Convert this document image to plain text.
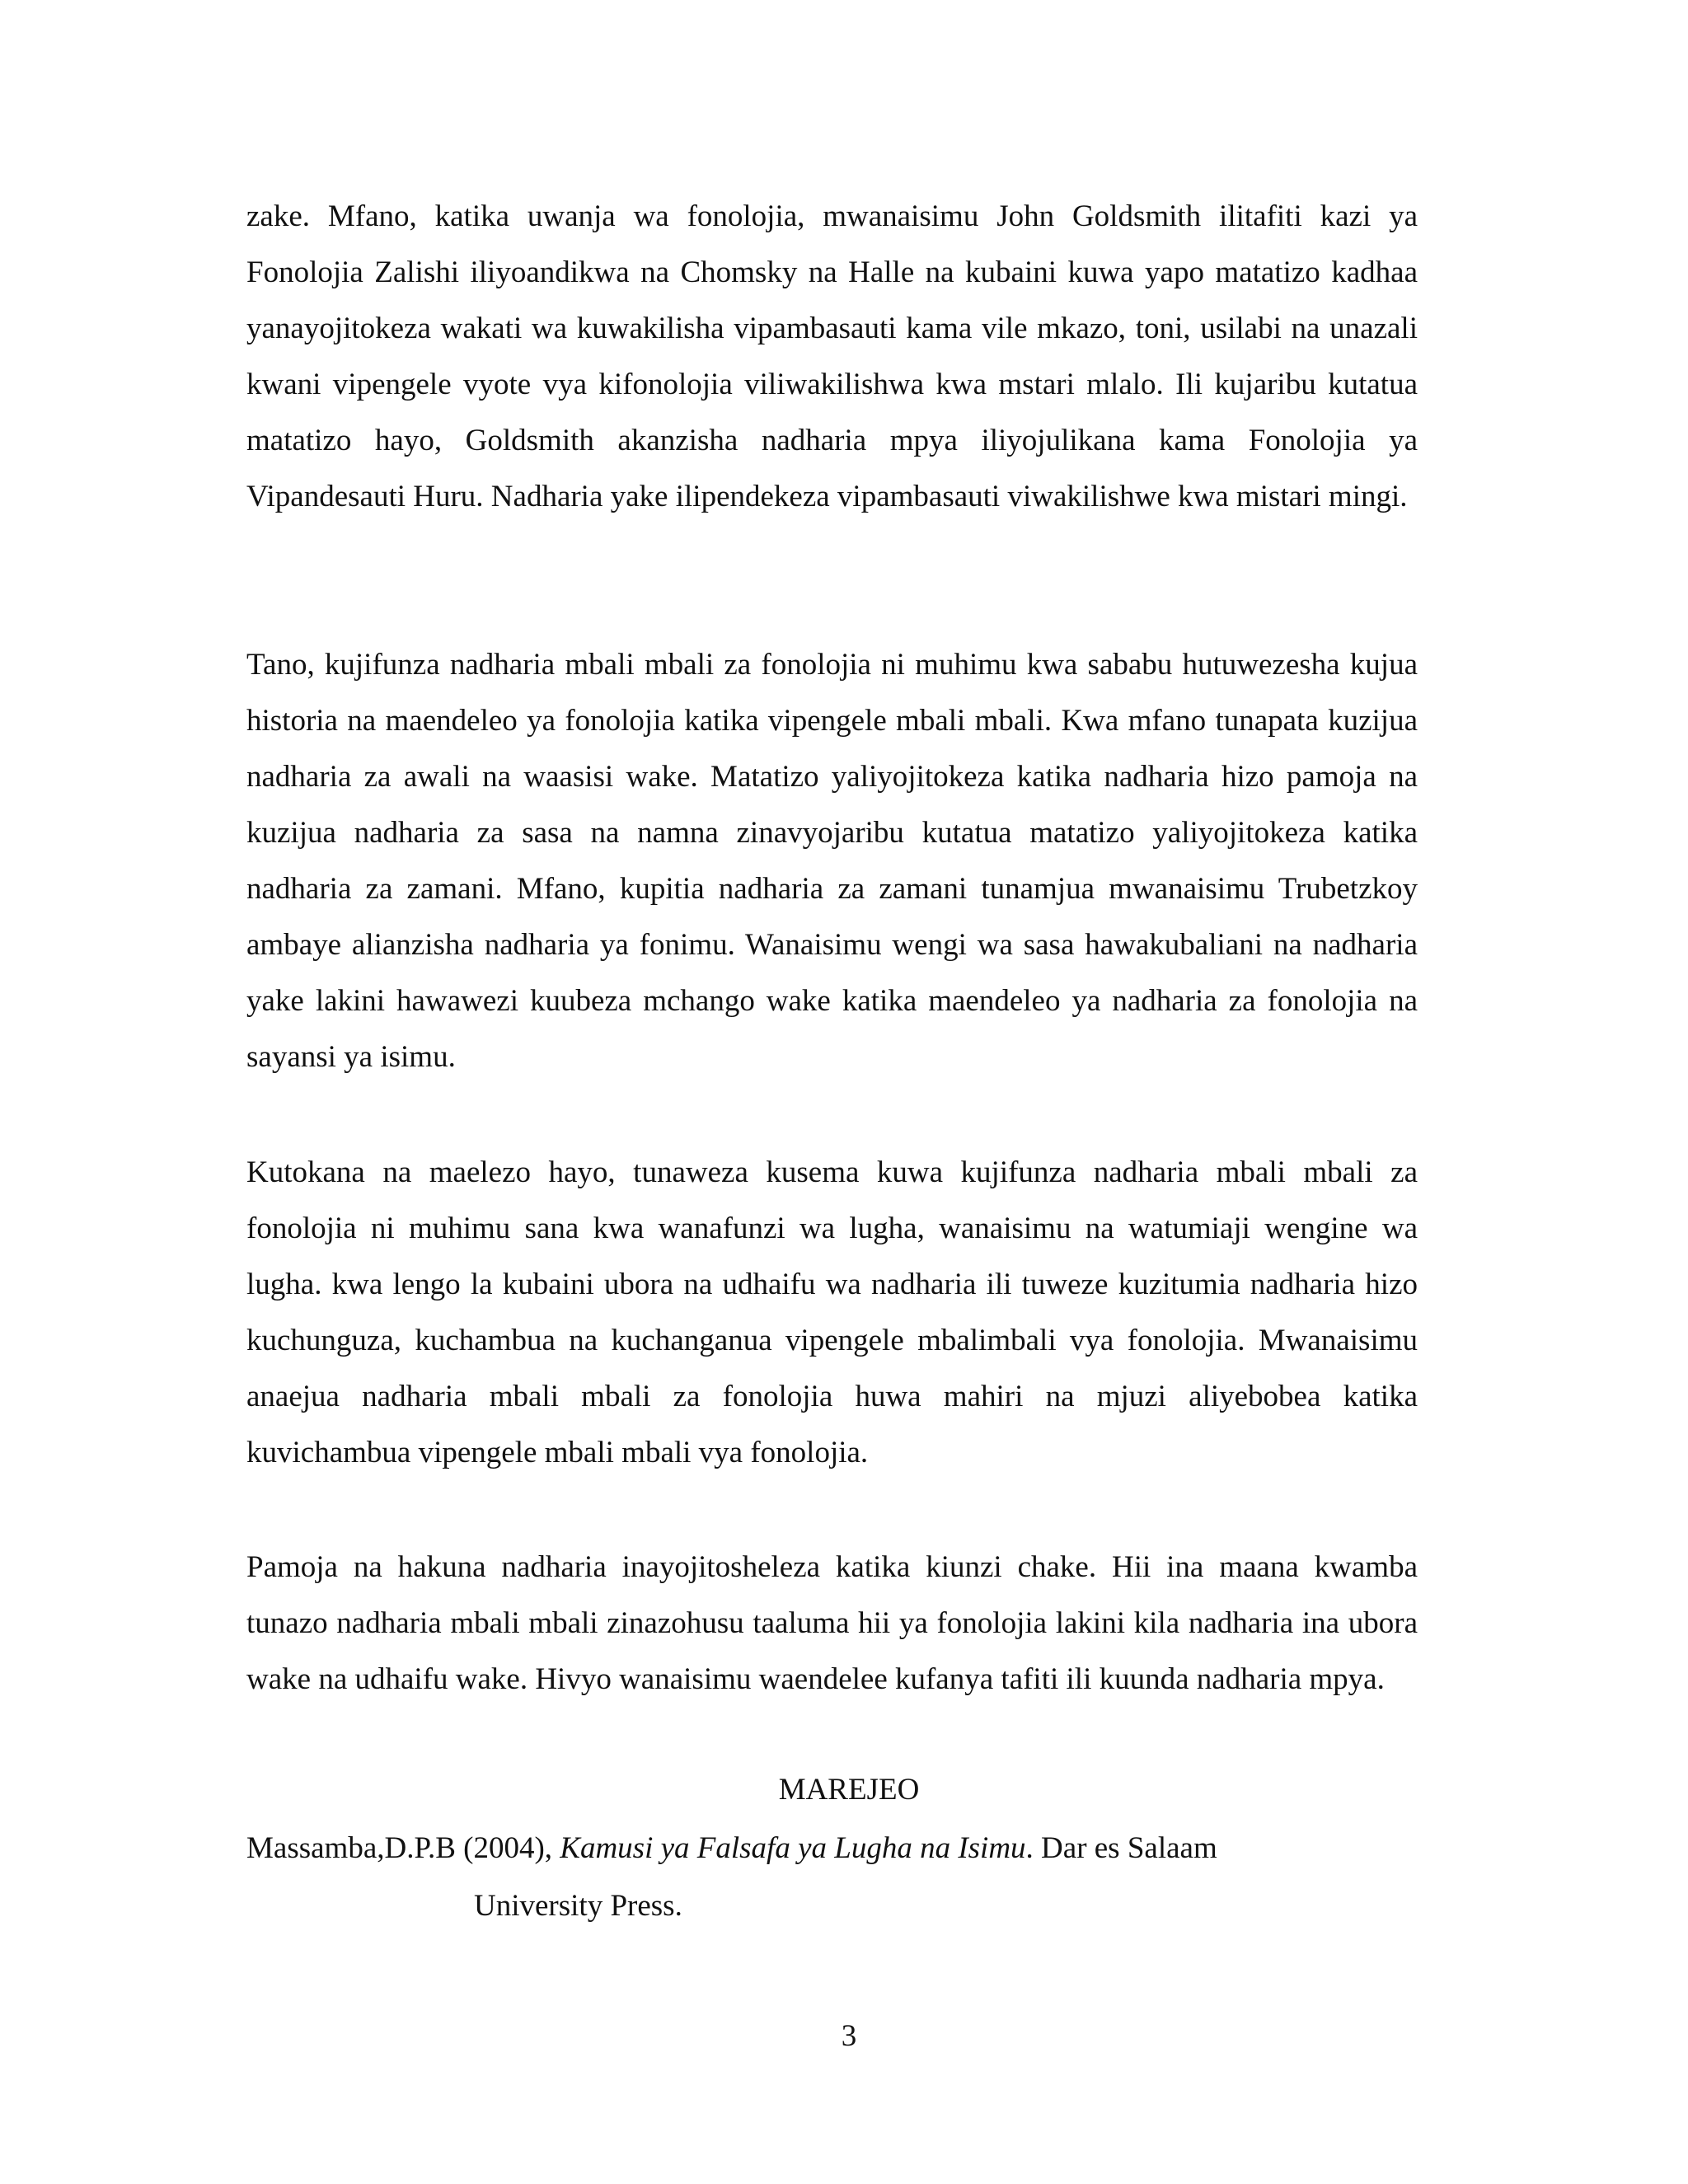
zake. Mfano, katika uwanja wa fonolojia, mwanaisimu John Goldsmith ilitafiti kazi ya Fonolojia Zalishi iliyoandikwa na Chomsky na Halle na kubaini kuwa yapo matatizo kadhaa yanayojitokeza wakati wa kuwakilisha vipambasauti kama vile mkazo, toni, usilabi na unazali kwani vipengele vyote vya kifonolojia viliwakilishwa kwa mstari mlalo. Ili kujaribu kutatua matatizo hayo, Goldsmith akanzisha nadharia mpya iliyojulikana kama Fonolojia ya Vipandesauti Huru. Nadharia yake ilipendekeza vipambasauti viwakilishwe kwa mistari mingi.

Tano, kujifunza nadharia mbali mbali za fonolojia ni muhimu kwa sababu hutuwezesha kujua historia na maendeleo ya fonolojia katika vipengele mbali mbali. Kwa mfano tunapata kuzijua nadharia za awali na waasisi wake. Matatizo yaliyojitokeza katika nadharia hizo pamoja na kuzijua nadharia za sasa na namna zinavyojaribu kutatua matatizo yaliyojitokeza katika nadharia za zamani. Mfano, kupitia nadharia za zamani tunamjua mwanaisimu Trubetzkoy ambaye alianzisha nadharia ya fonimu. Wanaisimu wengi wa sasa hawakubaliani na nadharia yake lakini hawawezi kuubeza mchango wake katika maendeleo ya nadharia za fonolojia na sayansi ya isimu.

Kutokana na maelezo hayo, tunaweza kusema kuwa kujifunza nadharia mbali mbali za fonolojia ni muhimu sana kwa wanafunzi wa lugha, wanaisimu na watumiaji wengine wa lugha. kwa lengo la kubaini ubora na udhaifu wa nadharia ili tuweze kuzitumia nadharia hizo kuchunguza, kuchambua na kuchanganua vipengele mbalimbali vya fonolojia. Mwanaisimu anaejua nadharia mbali mbali za fonolojia huwa mahiri na mjuzi aliyebobea katika kuvichambua vipengele mbali mbali vya fonolojia.

Pamoja na hakuna nadharia inayojitosheleza katika kiunzi chake. Hii ina maana kwamba tunazo nadharia mbali mbali zinazohusu taaluma hii ya fonolojia lakini kila nadharia ina ubora wake na udhaifu wake. Hivyo wanaisimu waendelee kufanya tafiti ili kuunda nadharia mpya.

MAREJEO

Massamba,D.P.B (2004), Kamusi ya Falsafa ya Lugha na Isimu. Dar es Salaam
University Press.

3
